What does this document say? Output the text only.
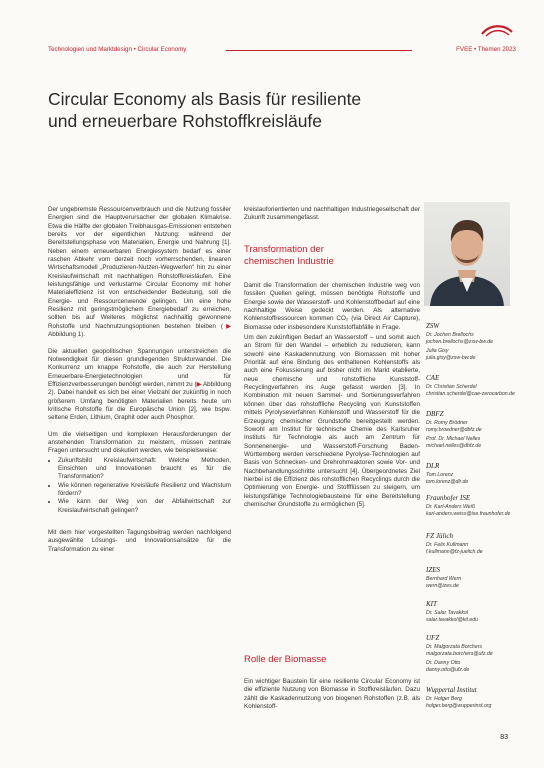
Technologien und Marktdesign • Circular Economy	FVEE • Themen 2023
Circular Economy als Basis für resiliente
und erneuerbare Rohstoffkreisläufe

Der ungebremste Ressourcenverbrauch und die Nutzung fossiler Energien sind die Hauptverursacher der globalen Klimakrise. Etwa die Hälfte der globalen Treibhausgas-Emissionen entstehen bereits vor der eigentlichen Nutzung: während der Bereitstellungsphase von Materialien, Energie und Nahrung [1]. Neben einem erneuerbaren Energiesystem bedarf es einer raschen Abkehr vom derzeit noch vorherrschenden, linearen Wirtschaftsmodell „Produzieren-Nutzen-Wegwerfen“ hin zu einer Kreislaufwirtschaft mit nachhaltigen Rohstoffkreisläufen. Eine leistungsfähige und verlustarme Circular Economy mit hoher Materialeffizienz ist von entscheidender Bedeutung, soll die Energie- und Ressourcenwende gelingen. Um eine hohe Resilienz mit geringstmöglichem Energiebedarf zu erreichen, sollten bis auf Weiteres möglichst nachhaltig gewonnene Rohstoffe und Nachnutzungsoptionen bestehen bleiben (▶ Abbildung 1).

Die aktuellen geopolitischen Spannungen unterstreichen die Notwendigkeit für diesen grundlegenden Strukturwandel. Die Konkurrenz um knappe Rohstoffe, die auch zur Herstellung Erneuerbare-Energietechnologien und für Effizienzverbesserungen benötigt werden, nimmt zu (▶ Abbildung 2). Dabei handelt es sich bei einer Vielzahl der zukünftig in noch größerem Umfang benötigten Materialien bereits heute um kritische Rohstoffe für die Europäische Union [2], wie bspw. seltene Erden, Lithium, Graphit oder auch Phosphor.

Um die vielseitigen und komplexen Herausforderungen der anstehenden Transformation zu meistern, müssen zentrale Fragen untersucht und diskutiert werden, wie beispielsweise:

• Zukunftsbild Kreislaufwirtschaft: Welche Methoden, Einsichten und Innovationen braucht es für die Transformation?
• Wie können regenerative Kreisläufe Resilienz und Wachstum fördern?
• Wie kann der Weg von der Abfallwirtschaft zur Kreislaufwirtschaft gelingen?

Mit dem hier vorgestellten Tagungsbeitrag werden nachfolgend ausgewählte Lösungs- und Innovationsansätze für die Transformation zu einer

kreislauforientierten und nachhaltigen Industriegesellschaft der Zukunft zusammengefasst.
Transformation der
chemischen Industrie

Damit die Transformation der chemischen Industrie weg von fossilen Quellen gelingt, müssen benötigte Rohstoffe und Energie sowie der Wasserstoff- und Kohlenstoffbedarf auf eine nachhaltige Weise gedeckt werden. Als alternative Kohlenstoffressourcen kommen CO₂ (via Direct Air Capture), Biomasse oder insbesondere Kunststoffabfälle in Frage.

Um den zukünftigen Bedarf an Wasserstoff – und somit auch an Strom für den Wandel – erheblich zu reduzieren, kann sowohl eine Kaskadennutzung von Biomassen mit hoher Priorität auf eine Bindung des enthaltenen Kohlenstoffs als auch eine Fokussierung auf bisher nicht im Markt etablierte, neue chemische und rohstoffliche Kunststoff-Recyclingverfahren ins Auge gefasst werden [3]. In Kombination mit neuen Sammel- und Sortierungsverfahren können über das rohstoffliche Recycling von Kunststoffen mittels Pyrolyseverfahren Kohlenstoff und Wasserstoff für die Erzeugung chemischer Grundstoffe bereitgestellt werden. Sowohl am Institut für technische Chemie des Karlsruher Instituts für Technologie als auch am Zentrum für Sonnenenergie- und Wasserstoff-Forschung Baden-Württemberg werden verschiedene Pyrolyse-Technologien auf Basis von Schnecken- und Drehrohrreaktoren sowie Vor- und Nachbehandlungsschritte untersucht [4]. Übergeordnetes Ziel hierbei ist die Effizienz des rohstofflichen Recyclings durch die Optimierung von Energie- und Stoffflüssen zu steigern, um leistungsfähige Technologiebausteine für eine Bereitstellung chemischer Grundstoffe zu ermöglichen [5].

Rolle der Biomasse

Ein wichtiger Baustein für eine resiliente Circular Economy ist die effiziente Nutzung von Biomasse in Stoffkreisläufen. Dazu zählt die Kaskadennutzung von biogenen Rohstoffen (z.B. als Kohlenstoff-

ZSW
Dr. Jochen Brellochs
jochen.brellochs@zsw-bw.de
Julia Gisy
julia.gisy@zsw-bw.de
CAE
Dr. Christian Scherdel
christian.scherdel@cae-zerocarbon.de
DBFZ
Dr. Romy Brödner
romy.broedner@dbfz.de
Prof. Dr. Michael Nelles
michael.nelles@dbfz.de
DLR
Tom Lorenz
tom.lorenz@dlr.de
Fraunhofer ISE
Dr. Karl-Anders Weiß
karl-anders.weiss@ise.fraunhofer.de
FZ Jülich
Dr. Felix Kullmann
f.kullmann@fz-juelich.de
IZES
Bernhard Wern
wern@izes.de
KIT
Dr. Salar Tavakkol
salar.tavakkol@kit.edu
UFZ
Dr. Malgorzata Borchers
malgorzata.borchers@ufz.de
Dr. Danny Otto
danny.otto@ufz.de
Wuppertal Institut
Dr. Holger Berg
holger.berg@wupperinst.org
83
